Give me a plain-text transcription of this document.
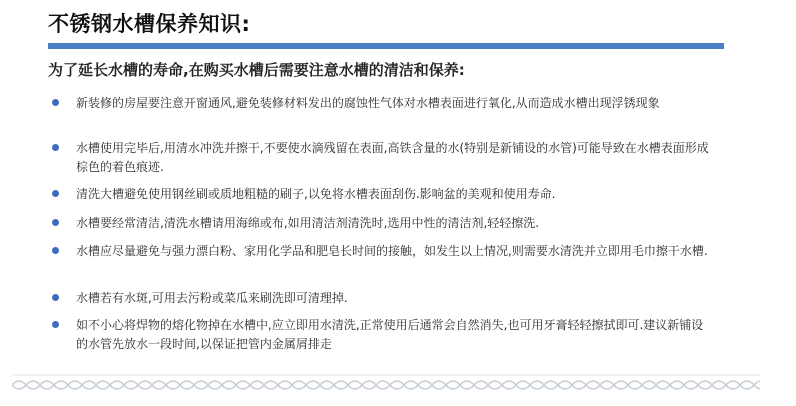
不锈钢水槽保养知识:
为了延长水槽的寿命,在购买水槽后需要注意水槽的清洁和保养:
新装修的房屋要注意开窗通风,避免装修材料发出的腐蚀性气体对水槽表面进行氧化,从而造成水槽出现浮锈现象
水槽使用完毕后,用清水冲洗并擦干,不要使水滴残留在表面,高铁含量的水(特别是新铺设的水管)可能导致在水槽表面形成棕色的着色痕迹.
清洗大槽避免使用钢丝刷或质地粗糙的刷子,以免将水槽表面刮伤.影响盆的美观和使用寿命.
水槽要经常清洁,清洗水槽请用海绵或布,如用清洁剂清洗时,选用中性的清洁剂,轻轻擦洗.
水槽应尽量避免与强力漂白粉、家用化学品和肥皂长时间的接触，如发生以上情况,则需要水清洗并立即用毛巾擦干水槽.
水槽若有水斑,可用去污粉或菜瓜来刷洗即可清理掉.
如不小心将焊物的熔化物掉在水槽中,应立即用水清洗,正常使用后通常会自然消失,也可用牙膏轻轻擦拭即可.建议新铺设的水管先放水一段时间,以保证把管内金属屑排走
